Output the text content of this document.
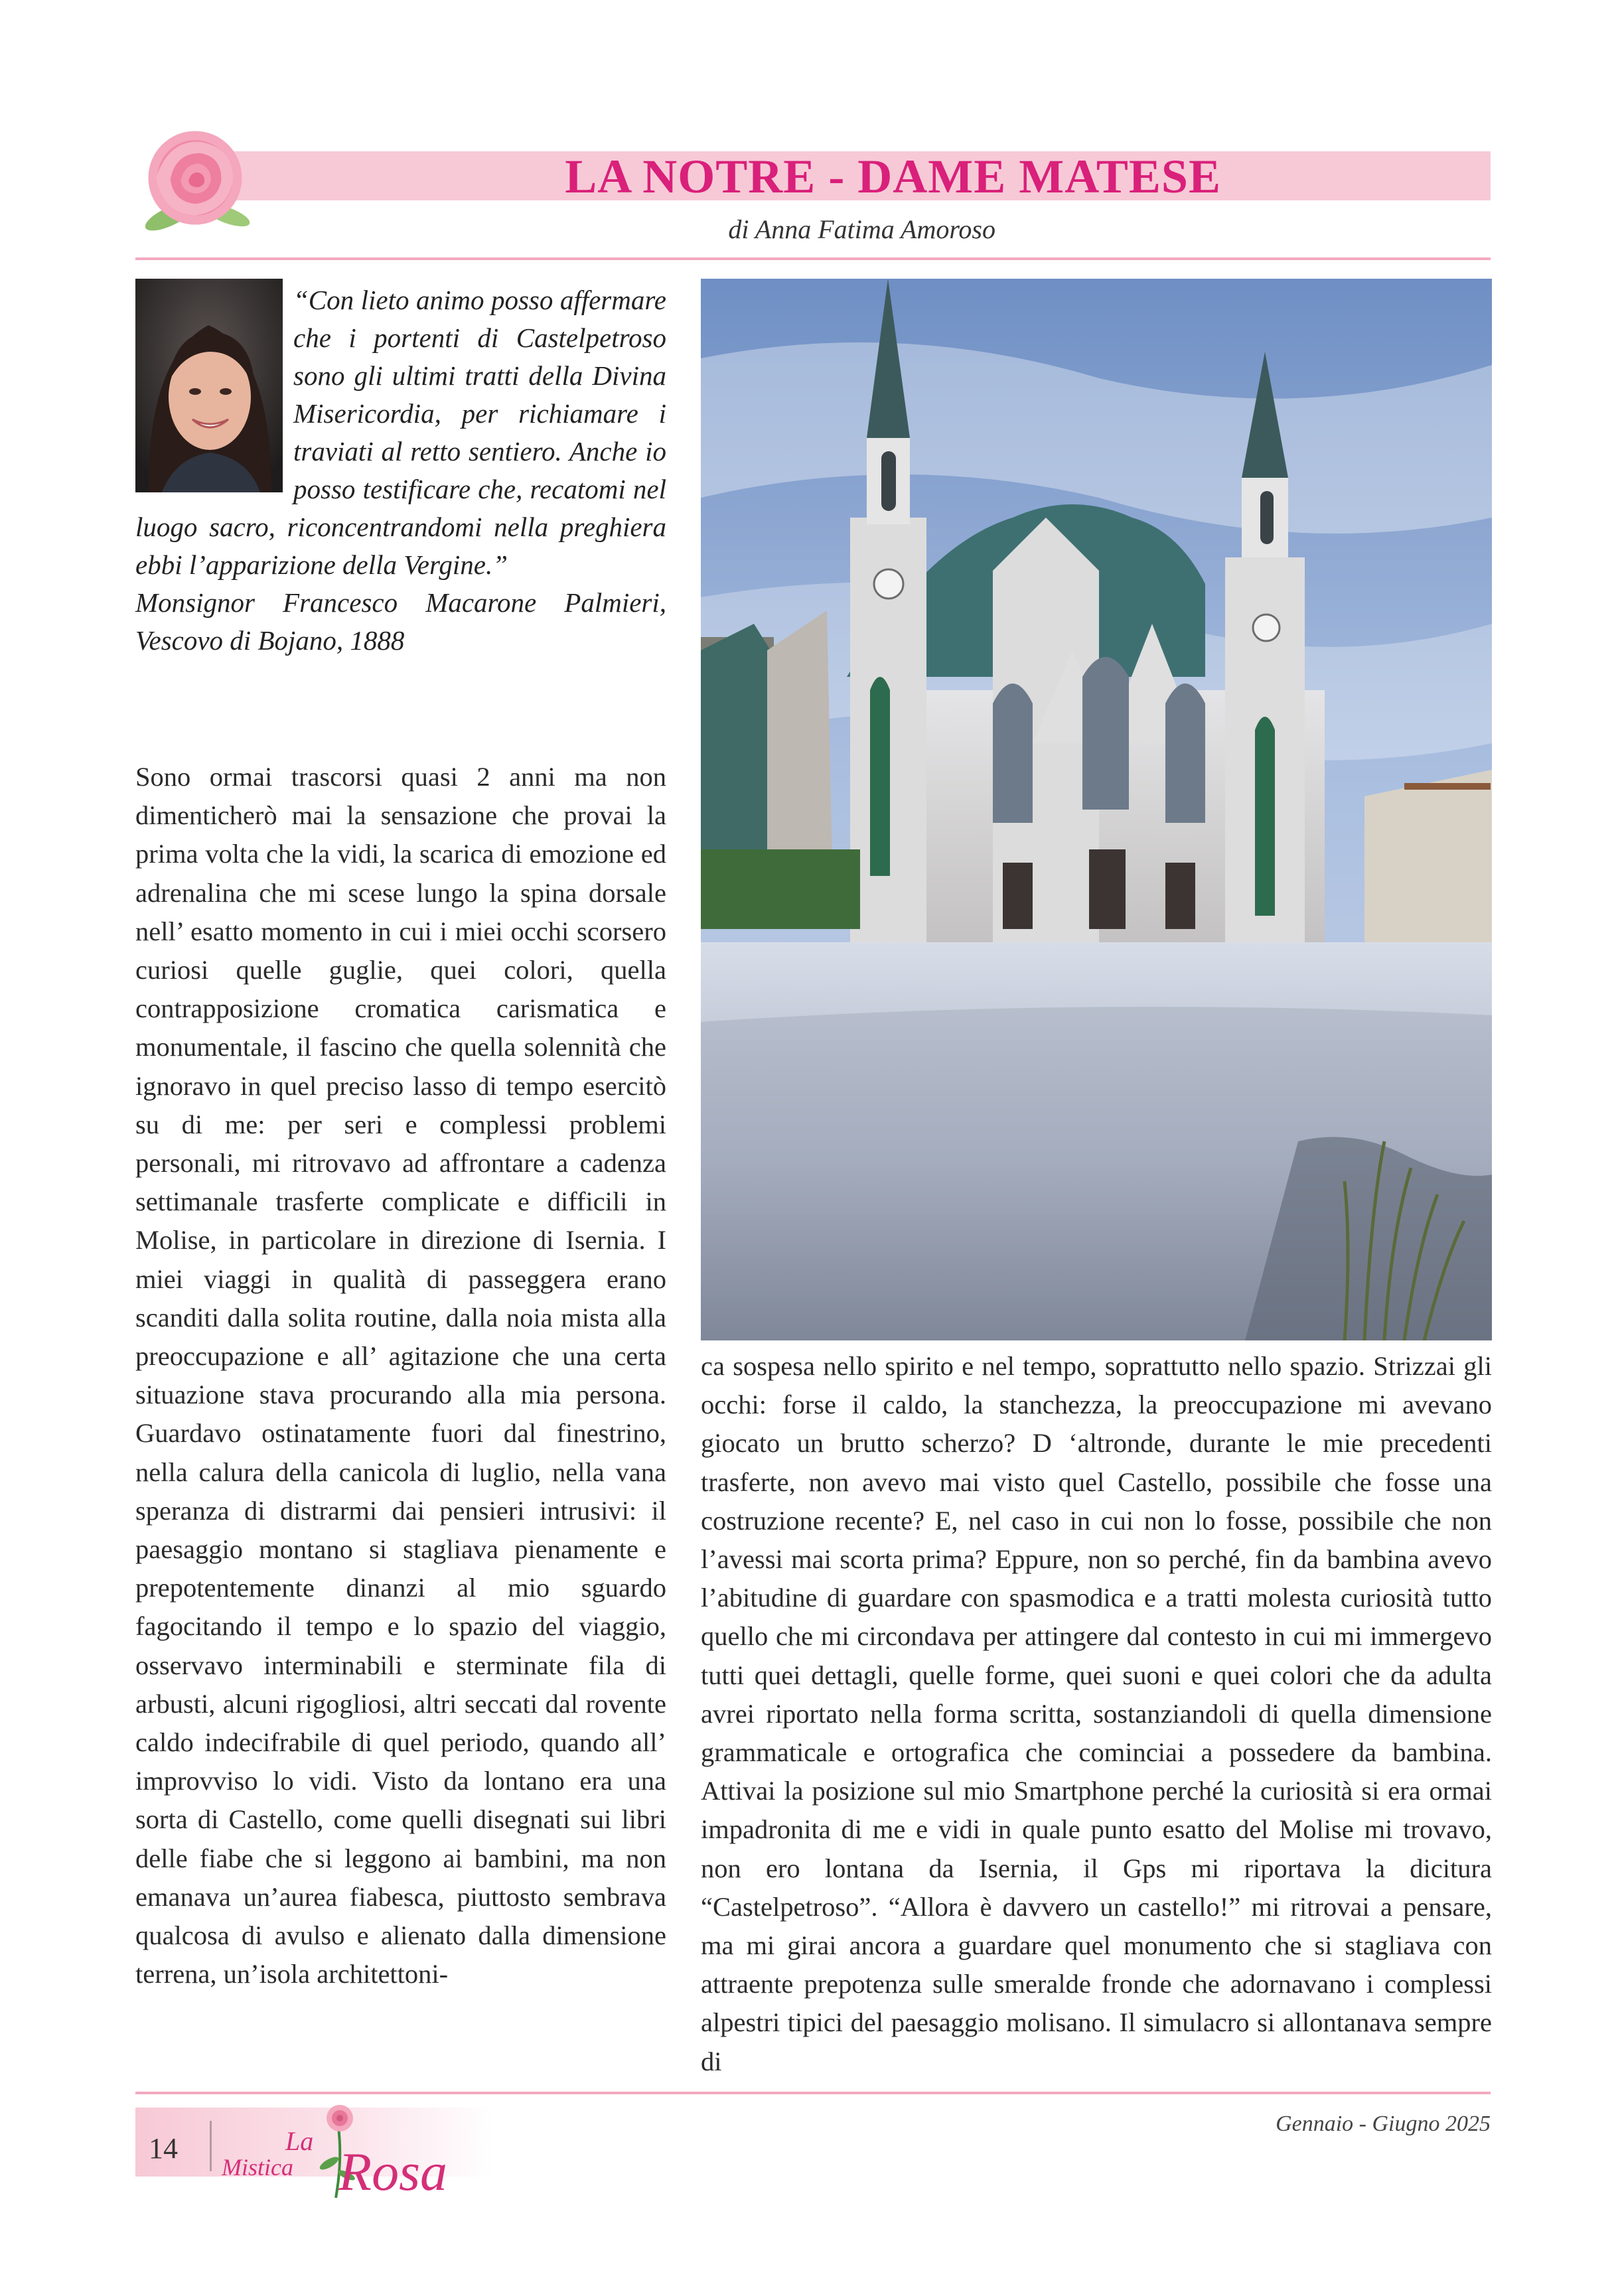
LA NOTRE - DAME MATESE
di Anna Fatima Amoroso
“Con lieto animo posso affermare che i portenti di Castelpetroso sono gli ultimi tratti della Divina Misericordia, per richiamare i traviati al retto sentiero. Anche io posso testificare che, recatomi nel luogo sacro, riconcentrandomi nella preghiera ebbi l’apparizione della Vergine.”
Monsignor Francesco Macarone Palmieri, Vescovo di Bojano, 1888
Sono ormai trascorsi quasi 2 anni ma non dimenticherò mai la sensazione che provai la prima volta che la vidi, la scarica di emozione ed adrenalina che mi scese lungo la spina dorsale nell’ esatto momento in cui i miei occhi scorsero curiosi quelle guglie, quei colori, quella contrapposizione cromatica carismatica e monumentale, il fascino che quella solennità che ignoravo in quel preciso lasso di tempo esercitò su di me: per seri e complessi problemi personali, mi ritrovavo ad affrontare a cadenza settimanale trasferte complicate e difficili in Molise, in particolare in direzione di Isernia. I miei viaggi in qualità di passeggera erano scanditi dalla solita routine, dalla noia mista alla preoccupazione e all’ agitazione che una certa situazione stava procurando alla mia persona. Guardavo ostinatamente fuori dal finestrino, nella calura della canicola di luglio, nella vana speranza di distrarmi dai pensieri intrusivi: il paesaggio montano si stagliava pienamente e prepotentemente dinanzi al mio sguardo fagocitando il tempo e lo spazio del viaggio, osservavo interminabili e sterminate fila di arbusti, alcuni rigogliosi, altri seccati dal rovente caldo indecifrabile di quel periodo, quando all’ improvviso lo vidi. Visto da lontano era una sorta di Castello, come quelli disegnati sui libri delle fiabe che si leggono ai bambini, ma non emanava un’aurea fiabesca, piuttosto sembrava qualcosa di avulso e alienato dalla dimensione terrena, un’isola architettoni-
ca sospesa nello spirito e nel tempo, soprattutto nello spazio. Strizzai gli occhi: forse il caldo, la stanchezza, la preoccupazione mi avevano giocato un brutto scherzo? D ‘altronde, durante le mie precedenti trasferte, non avevo mai visto quel Castello, possibile che fosse una costruzione recente? E, nel caso in cui non lo fosse, possibile che non l’avessi mai scorta prima? Eppure, non so perché, fin da bambina avevo l’abitudine di guardare con spasmodica e a tratti molesta curiosità tutto quello che mi circondava per attingere dal contesto in cui mi immergevo tutti quei dettagli, quelle forme, quei suoni e quei colori che da adulta avrei riportato nella forma scritta, sostanziandoli di quella dimensione grammaticale e ortografica che cominciai a possedere da bambina. Attivai la posizione sul mio Smartphone perché la curiosità si era ormai impadronita di me e vidi in quale punto esatto del Molise mi trovavo, non ero lontana da Isernia, il Gps mi riportava la dicitura “Castelpetroso”. “Allora è davvero un castello!” mi ritrovai a pensare, ma mi girai ancora a guardare quel monumento che si stagliava con attraente prepotenza sulle smeralde fronde che adornavano i complessi alpestri tipici del paesaggio molisano. Il simulacro si allontanava sempre di
14	La
Mistica Rosa
Gennaio - Giugno 2025
